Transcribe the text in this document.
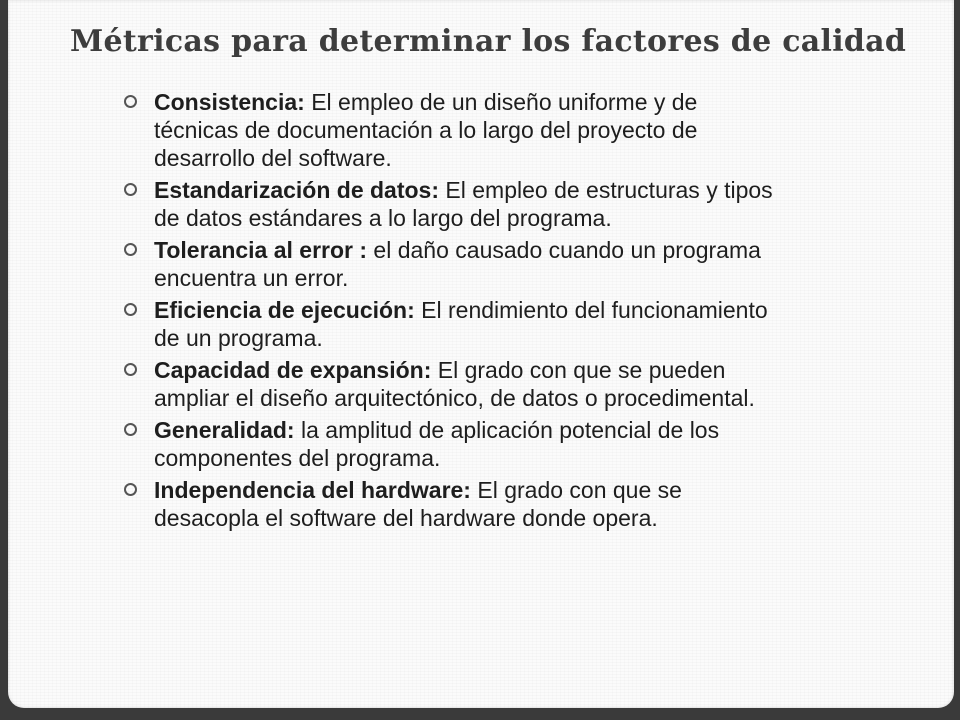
Métricas para determinar los factores de calidad
Consistencia: El empleo de un diseño uniforme y de técnicas de documentación a lo largo del proyecto de desarrollo del software.
Estandarización de datos: El empleo de estructuras y tipos de datos estándares a lo largo del programa.
Tolerancia al error : el daño causado cuando un programa encuentra un error.
Eficiencia de ejecución: El rendimiento del funcionamiento de un programa.
Capacidad de expansión: El grado con que se pueden ampliar el diseño arquitectónico, de datos o procedimental.
Generalidad: la amplitud de aplicación potencial de los componentes del programa.
Independencia del hardware: El grado con que se desacopla el software del hardware donde opera.
